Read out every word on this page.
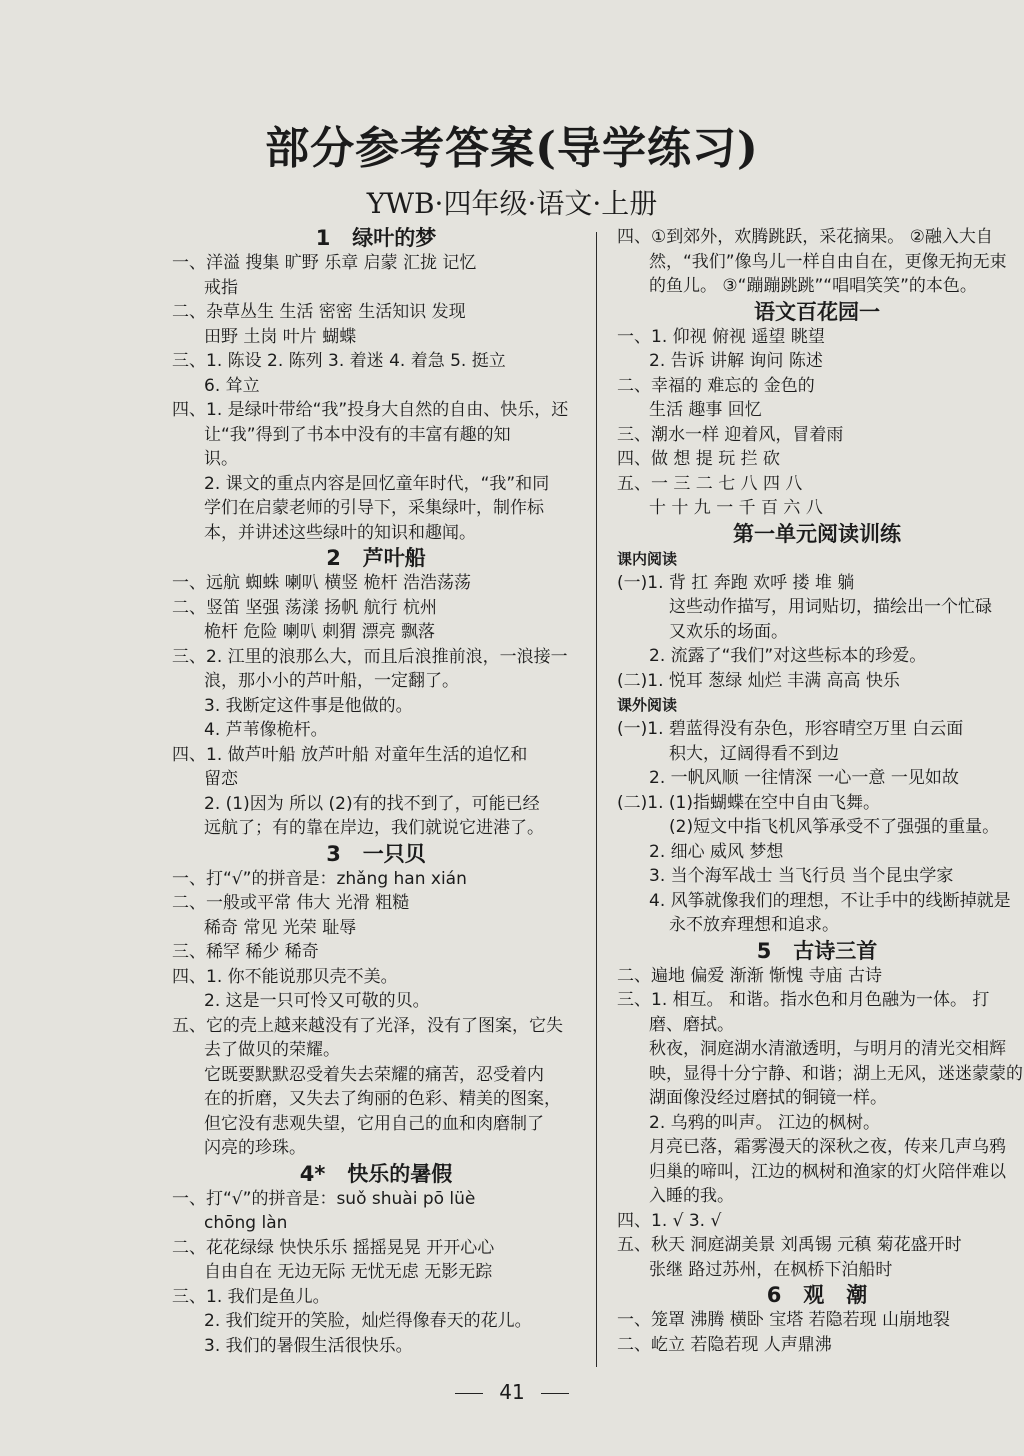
部分参考答案(导学练习)
YWB·四年级·语文·上册
1   绿叶的梦
一、洋溢 搜集 旷野 乐章 启蒙 汇拢 记忆
戒指
二、杂草丛生 生活 密密 生活知识 发现
田野 土岗 叶片 蝴蝶
三、1. 陈设 2. 陈列 3. 着迷 4. 着急 5. 挺立
6. 耸立
四、1. 是绿叶带给“我”投身大自然的自由、快乐，还
让“我”得到了书本中没有的丰富有趣的知
识。
2. 课文的重点内容是回忆童年时代，“我”和同
学们在启蒙老师的引导下，采集绿叶，制作标
本，并讲述这些绿叶的知识和趣闻。
2   芦叶船
一、远航 蜘蛛 喇叭 横竖 桅杆 浩浩荡荡
二、竖笛 坚强 荡漾 扬帆 航行 杭州
桅杆 危险 喇叭 刺猬 漂亮 飘落
三、2. 江里的浪那么大，而且后浪推前浪，一浪接一
浪，那小小的芦叶船，一定翻了。
3. 我断定这件事是他做的。
4. 芦苇像桅杆。
四、1. 做芦叶船 放芦叶船 对童年生活的追忆和
留恋
2. (1)因为 所以 (2)有的找不到了，可能已经
远航了；有的靠在岸边，我们就说它进港了。
3   一只贝
一、打“√”的拼音是：zhǎng han xián
二、一般或平常 伟大 光滑 粗糙
稀奇 常见 光荣 耻辱
三、稀罕 稀少 稀奇
四、1. 你不能说那贝壳不美。
2. 这是一只可怜又可敬的贝。
五、它的壳上越来越没有了光泽，没有了图案，它失
去了做贝的荣耀。
它既要默默忍受着失去荣耀的痛苦，忍受着内
在的折磨，又失去了绚丽的色彩、精美的图案，
但它没有悲观失望，它用自己的血和肉磨制了
闪亮的珍珠。
4*   快乐的暑假
一、打“√”的拼音是：suǒ shuài pō lüè
chōng làn
二、花花绿绿 快快乐乐 摇摇晃晃 开开心心
自由自在 无边无际 无忧无虑 无影无踪
三、1. 我们是鱼儿。
2. 我们绽开的笑脸，灿烂得像春天的花儿。
3. 我们的暑假生活很快乐。
四、①到郊外，欢腾跳跃，采花摘果。 ②融入大自
然，“我们”像鸟儿一样自由自在，更像无拘无束
的鱼儿。 ③“蹦蹦跳跳”“唱唱笑笑”的本色。
语文百花园一
一、1. 仰视 俯视 遥望 眺望
2. 告诉 讲解 询问 陈述
二、幸福的 难忘的 金色的
生活 趣事 回忆
三、潮水一样 迎着风，冒着雨
四、做 想 提 玩 拦 砍
五、一 三 二 七 八 四 八
十 十 九 一 千 百 六 八
第一单元阅读训练
课内阅读
(一)1. 背 扛 奔跑 欢呼 搂 堆 躺
这些动作描写，用词贴切，描绘出一个忙碌
又欢乐的场面。
2. 流露了“我们”对这些标本的珍爱。
(二)1. 悦耳 葱绿 灿烂 丰满 高高 快乐
课外阅读
(一)1. 碧蓝得没有杂色，形容晴空万里 白云面
积大，辽阔得看不到边
2. 一帆风顺 一往情深 一心一意 一见如故
(二)1. (1)指蝴蝶在空中自由飞舞。
(2)短文中指飞机风筝承受不了强强的重量。
2. 细心 威风 梦想
3. 当个海军战士 当飞行员 当个昆虫学家
4. 风筝就像我们的理想，不让手中的线断掉就是
永不放弃理想和追求。
5   古诗三首
二、遍地 偏爱 渐渐 惭愧 寺庙 古诗
三、1. 相互。 和谐。指水色和月色融为一体。 打
磨、磨拭。
秋夜，洞庭湖水清澈透明，与明月的清光交相辉
映，显得十分宁静、和谐；湖上无风，迷迷蒙蒙的
湖面像没经过磨拭的铜镜一样。
2. 乌鸦的叫声。 江边的枫树。
月亮已落，霜雾漫天的深秋之夜，传来几声乌鸦
归巢的啼叫，江边的枫树和渔家的灯火陪伴难以
入睡的我。
四、1. √ 3. √
五、秋天 洞庭湖美景 刘禹锡 元稹 菊花盛开时
张继 路过苏州，在枫桥下泊船时
6   观   潮
一、笼罩 沸腾 横卧 宝塔 若隐若现 山崩地裂
二、屹立 若隐若现 人声鼎沸
41
